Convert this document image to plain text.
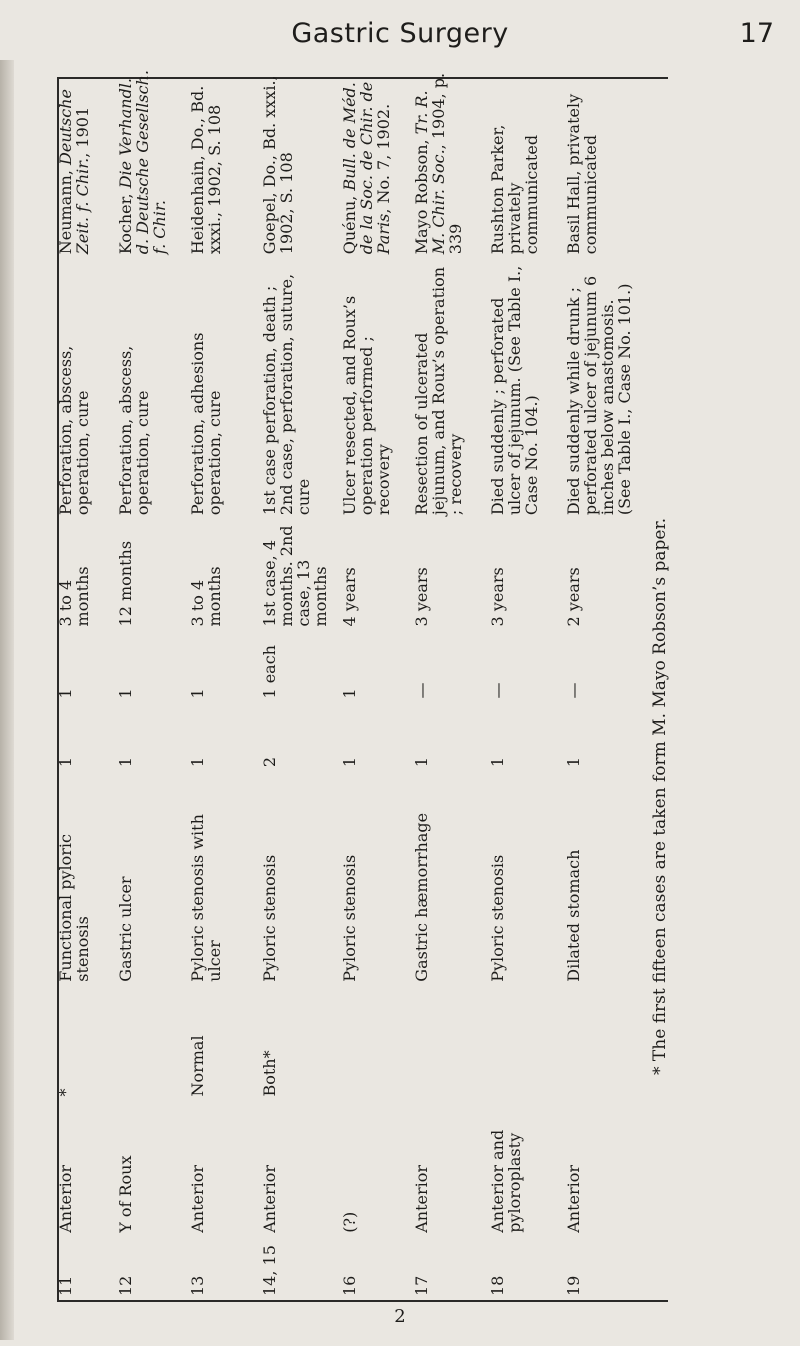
Gastric Surgery	17
11
Anterior
*
Functional pyloric stenosis
1
1
3 to 4 months
Perforation, abscess, operation, cure
Neumann, Deutsche Zeit. f. Chir., 1901
12
Y of Roux
Gastric ulcer
1
1
12 months
Perforation, abscess, operation, cure
Kocher, Die Verhandl. d. Deutsche Gesellsch. f. Chir.
13
Anterior
Normal
Pyloric stenosis with ulcer
1
1
3 to 4 months
Perforation, adhesions operation, cure
Heidenhain, Do., Bd. xxxi., 1902, S. 108
14, 15
Anterior
Both*
Pyloric stenosis
2
1 each
1st case, 4 months. 2nd case, 13 months
1st case perforation, death ; 2nd case, perforation, suture, cure
Goepel, Do., Bd. xxxi., 1902, S. 108
16
(?)
Pyloric stenosis
1
1
4 years
Ulcer resected, and Roux’s operation performed ; recovery
Quénu, Bull. de Méd. de la Soc. de Chir. de Paris, No. 7, 1902.
17
Anterior
Gastric hæmorrhage
1
—
3 years
Resection of ulcerated jejunum, and Roux’s operation ; recovery
Mayo Robson, Tr. R. M. Chir. Soc., 1904, p. 339
18
Anterior and pyloroplasty
Pyloric stenosis
1
—
3 years
Died suddenly ; perforated ulcer of jejunum. (See Table I., Case No. 104.)
Rushton Parker, privately communicated
19
Anterior
Dilated stomach
1
—
2 years
Died suddenly while drunk ; perforated ulcer of jejunum 6 inches below anastomosis. (See Table I., Case No. 101.)
Basil Hall, privately communicated
* The first fifteen cases are taken form M. Mayo Robson’s paper.
2
